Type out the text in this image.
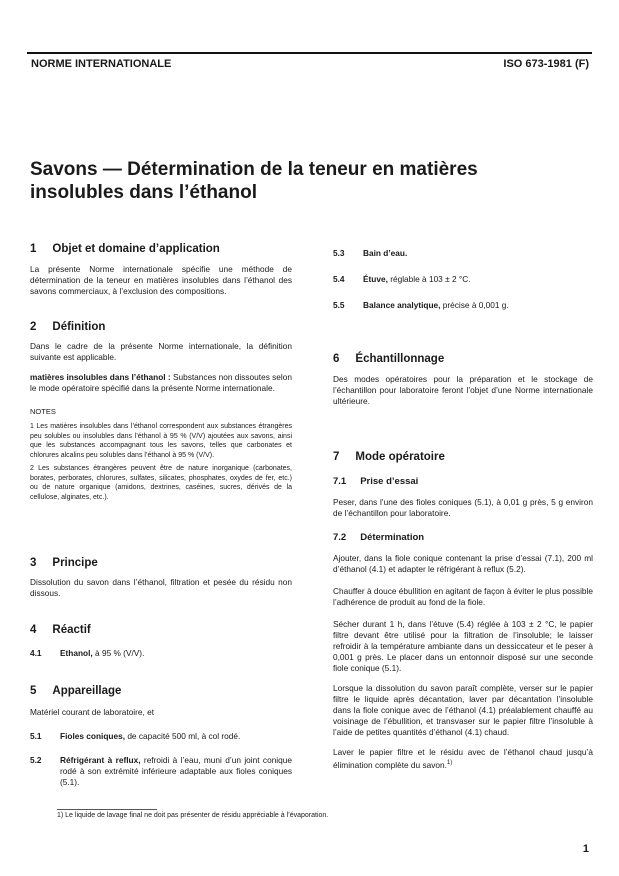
NORME INTERNATIONALE	ISO 673-1981 (F)
Savons — Détermination de la teneur en matières insolubles dans l’éthanol
1 Objet et domaine d’application

La présente Norme internationale spécifie une méthode de détermination de la teneur en matières insolubles dans l’éthanol des savons commerciaux, à l’exclusion des compositions.

2 Définition

Dans le cadre de la présente Norme internationale, la définition suivante est applicable.

matières insolubles dans l’éthanol : Substances non dissoutes selon le mode opératoire spécifié dans la présente Norme internationale.

NOTES

1 Les matières insolubles dans l’éthanol correspondent aux substances étrangères peu solubles ou insolubles dans l’éthanol à 95 % (V/V) ajoutées aux savons, ainsi que les substances accompagnant tous les savons, telles que carbonates et chlorures alcalins peu solubles dans l’éthanol à 95 % (V/V).

2 Les substances étrangères peuvent être de nature inorganique (carbonates, borates, perborates, chlorures, sulfates, silicates, phosphates, oxydes de fer, etc.) ou de nature organique (amidons, dextrines, caséines, sucres, dérivés de la cellulose, alginates, etc.).

3 Principe

Dissolution du savon dans l’éthanol, filtration et pesée du résidu non dissous.

4 Réactif

4.1	Ethanol, à 95 % (V/V).

5 Appareillage

Matériel courant de laboratoire, et

5.1	Fioles coniques, de capacité 500 ml, à col rodé.

5.2	Réfrigérant à reflux, refroidi à l’eau, muni d’un joint conique rodé à son extrémité inférieure adaptable aux fioles coniques (5.1).

5.3	Bain d’eau.

5.4	Étuve, réglable à 103 ± 2 °C.

5.5	Balance analytique, précise à 0,001 g.

6 Échantillonnage

Des modes opératoires pour la préparation et le stockage de l’échantillon pour laboratoire feront l’objet d’une Norme internationale ultérieure.

7 Mode opératoire
7.1 Prise d’essai

Peser, dans l’une des fioles coniques (5.1), à 0,01 g près, 5 g environ de l’échantillon pour laboratoire.

7.2 Détermination

Ajouter, dans la fiole conique contenant la prise d’essai (7.1), 200 ml d’éthanol (4.1) et adapter le réfrigérant à reflux (5.2).

Chauffer à douce ébullition en agitant de façon à éviter le plus possible l’adhérence de produit au fond de la fiole.

Sécher durant 1 h, dans l’étuve (5.4) réglée à 103 ± 2 °C, le papier filtre devant être utilisé pour la filtration de l’insoluble; le laisser refroidir à la température ambiante dans un dessiccateur et le peser à 0,001 g près. Le placer dans un entonnoir disposé sur une seconde fiole conique (5.1).

Lorsque la dissolution du savon paraît complète, verser sur le papier filtre le liquide après décantation, laver par décantation l’insoluble dans la fiole conique avec de l’éthanol (4.1) préalablement chauffé au voisinage de l’ébullition, et transvaser sur le papier filtre l’insoluble à l’aide de petites quantités d’éthanol (4.1) chaud.

Laver le papier filtre et le résidu avec de l’éthanol chaud jusqu’à élimination complète du savon.$^{1)}$

1) Le liquide de lavage final ne doit pas présenter de résidu appréciable à l’évaporation.
1
